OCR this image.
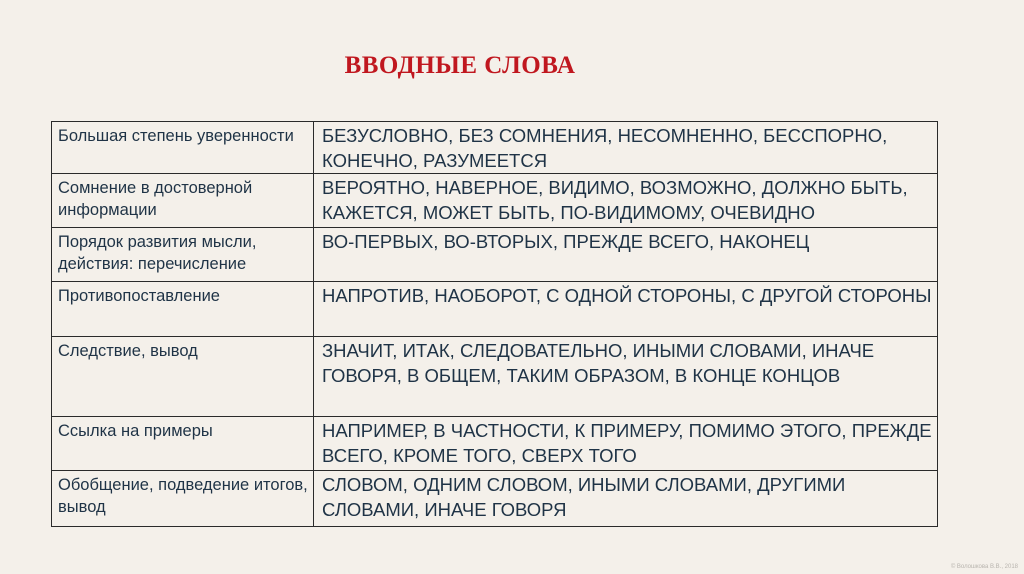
ВВОДНЫЕ СЛОВА
Большая степень уверенности	БЕЗУСЛОВНО, БЕЗ СОМНЕНИЯ, НЕСОМНЕННО, БЕССПОРНО, КОНЕЧНО, РАЗУМЕЕТСЯ
Сомнение в достоверной информации	ВЕРОЯТНО, НАВЕРНОЕ, ВИДИМО, ВОЗМОЖНО, ДОЛЖНО БЫТЬ, КАЖЕТСЯ, МОЖЕТ БЫТЬ, ПО-ВИДИМОМУ, ОЧЕВИДНО
Порядок развития мысли, действия: перечисление	ВО-ПЕРВЫХ, ВО-ВТОРЫХ, ПРЕЖДЕ ВСЕГО, НАКОНЕЦ
Противопоставление	НАПРОТИВ, НАОБОРОТ, С ОДНОЙ СТОРОНЫ, С ДРУГОЙ СТОРОНЫ
Следствие, вывод	ЗНАЧИТ, ИТАК, СЛЕДОВАТЕЛЬНО, ИНЫМИ СЛОВАМИ, ИНАЧЕ ГОВОРЯ, В ОБЩЕМ, ТАКИМ ОБРАЗОМ, В КОНЦЕ КОНЦОВ
Ссылка на примеры	НАПРИМЕР, В ЧАСТНОСТИ, К ПРИМЕРУ, ПОМИМО ЭТОГО, ПРЕЖДЕ ВСЕГО, КРОМЕ ТОГО, СВЕРХ ТОГО
Обобщение, подведение итогов, вывод	СЛОВОМ, ОДНИМ СЛОВОМ, ИНЫМИ СЛОВАМИ, ДРУГИМИ СЛОВАМИ, ИНАЧЕ ГОВОРЯ
© Волошкова В.В., 2018
